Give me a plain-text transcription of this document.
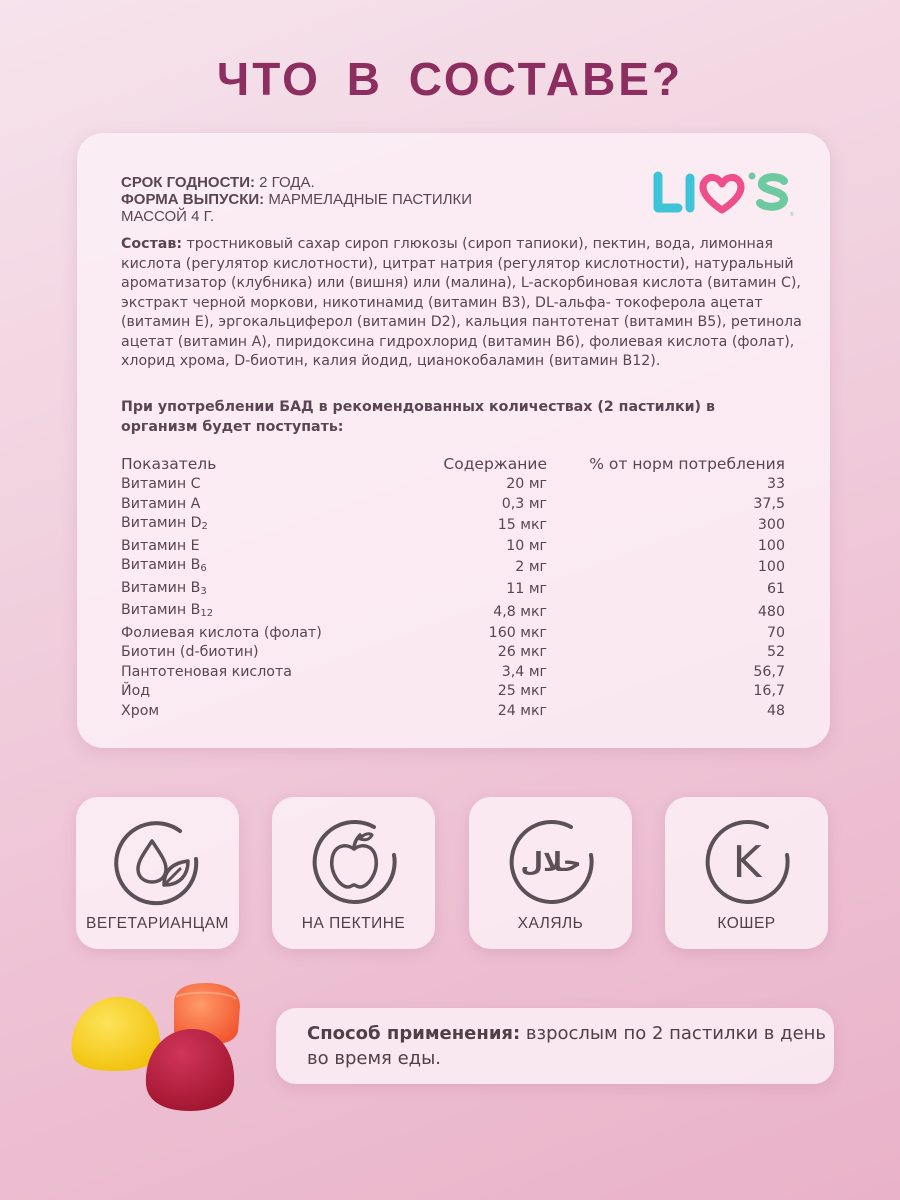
ЧТО В СОСТАВЕ?
®
СРОК ГОДНОСТИ: 2 ГОДА.
ФОРМА ВЫПУСКИ: МАРМЕЛАДНЫЕ ПАСТИЛКИ МАССОЙ 4 Г.
Состав: тростниковый сахар сироп глюкозы (сироп тапиоки), пектин, вода, лимонная кислота (регулятор кислотности), цитрат натрия (регулятор кислотности), натуральный ароматизатор (клубника) или (вишня) или (малина), L-аскорбиновая кислота (витамин С), экстракт черной моркови, никотинамид (витамин В3), DL-альфа- токоферола ацетат (витамин Е), эргокальциферол (витамин D2), кальция пантотенат (витамин В5), ретинола ацетат (витамин А), пиридоксина гидрохлорид (витамин В6), фолиевая кислота (фолат), хлорид хрома, D-биотин, калия йодид, цианокобаламин (витамин В12).
При употреблении БАД в рекомендованных количествах (2 пастилки) в организм будет поступать:
Показатель	Содержание	% от норм потребления
Витамин С	20 мг	33
Витамин А	0,3 мг	37,5
Витамин $D_2$	15 мкг	300
Витамин Е	10 мг	100
Витамин $В_6$	2 мг	100
Витамин $В_3$	11 мг	61
Витамин $В_{12}$	4,8 мкг	480
Фолиевая кислота (фолат)	160 мкг	70
Биотин (d-биотин)	26 мкг	52
Пантотеновая кислота	3,4 мг	56,7
Йод	25 мкг	16,7
Хром	24 мкг	48
ВЕГЕТАРИАНЦАМ	НА ПЕКТИНЕ
حلال
ХАЛЯЛЬ
K
КОШЕР

Способ применения: взрослым по 2 пастилки в день во время еды.
